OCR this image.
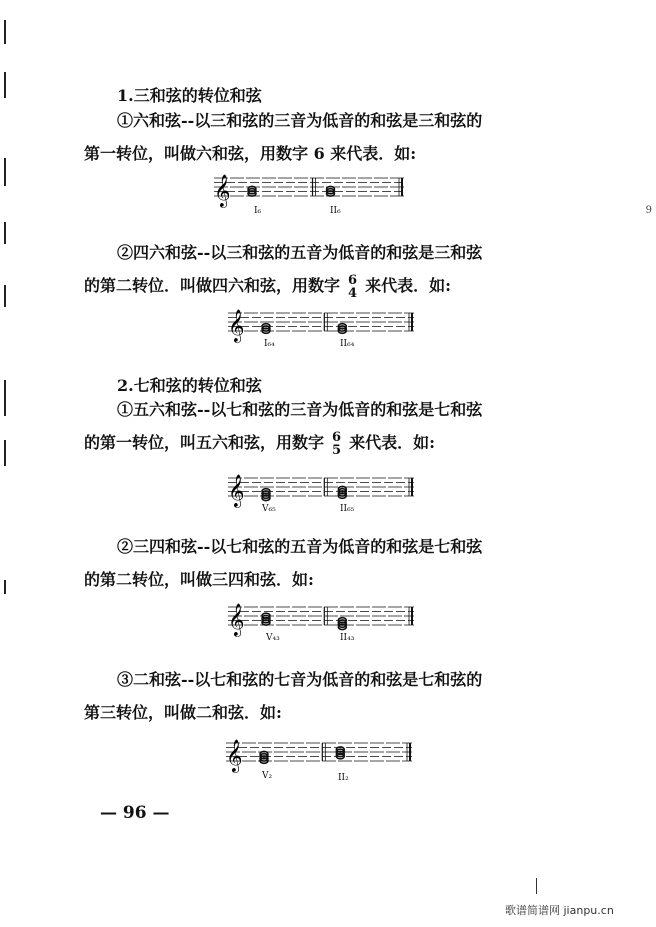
1.三和弦的转位和弦

①六和弦--以三和弦的三音为低音的和弦是三和弦的
第一转位，叫做六和弦，用数字 6 来代表．如:

𝄞
I₆	II₆

②四六和弦--以三和弦的五音为低音的和弦是三和弦
的第二转位．叫做四六和弦，用数字 6
4 来代表．如:

𝄞
I₆₄	II₆₄
2.七和弦的转位和弦

①五六和弦--以七和弦的三音为低音的和弦是七和弦
的第一转位，叫五六和弦，用数字 6
5 来代表．如:

𝄞
V₆₅	II₆₅

②三四和弦--以七和弦的五音为低音的和弦是七和弦
的第二转位，叫做三四和弦．如:

𝄞
V₄₃	II₄₃

③二和弦--以七和弦的七音为低音的和弦是七和弦的
第三转位，叫做二和弦．如:

𝄞
V₂	II₂
— 96 —
9
歌谱简谱网 jianpu.cn
